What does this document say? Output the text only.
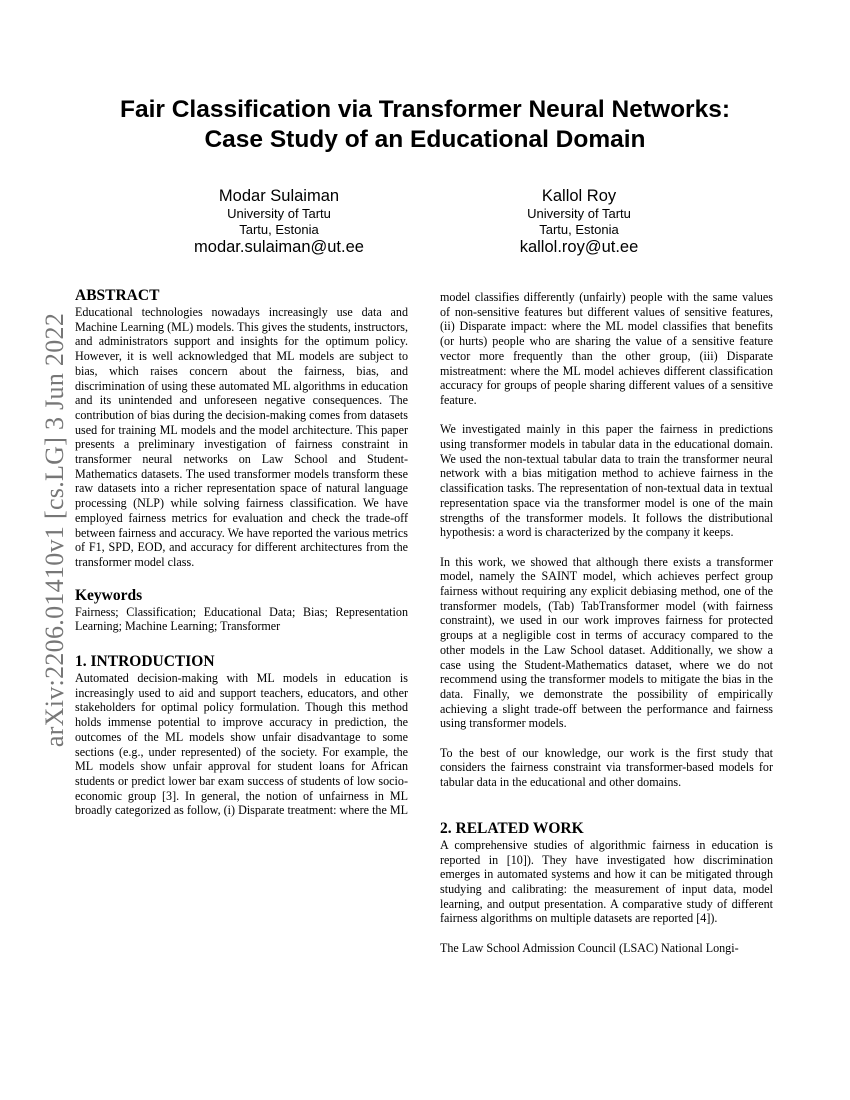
arXiv:2206.01410v1 [cs.LG] 3 Jun 2022
Fair Classification via Transformer Neural Networks:
Case Study of an Educational Domain
Modar Sulaiman
University of Tartu
Tartu, Estonia
modar.sulaiman@ut.ee
Kallol Roy
University of Tartu
Tartu, Estonia
kallol.roy@ut.ee
ABSTRACT

Educational technologies nowadays increasingly use data and Machine Learning (ML) models. This gives the students, instructors, and administrators support and insights for the optimum policy. However, it is well acknowledged that ML models are subject to bias, which raises concern about the fairness, bias, and discrimination of using these automated ML algorithms in education and its unintended and unforeseen negative consequences. The contribution of bias during the decision-making comes from datasets used for training ML models and the model architecture. This paper presents a preliminary investigation of fairness constraint in transformer neural networks on Law School and Student-Mathematics datasets. The used transformer models transform these raw datasets into a richer representation space of natural language processing (NLP) while solving fairness classification. We have employed fairness metrics for evaluation and check the trade-off between fairness and accuracy. We have reported the various metrics of F1, SPD, EOD, and accuracy for different architectures from the transformer model class.

Keywords

Fairness; Classification; Educational Data; Bias; Representation Learning; Machine Learning; Transformer

1. INTRODUCTION

Automated decision-making with ML models in education is increasingly used to aid and support teachers, educators, and other stakeholders for optimal policy formulation. Though this method holds immense potential to improve accuracy in prediction, the outcomes of the ML models show unfair disadvantage to some sections (e.g., under represented) of the society. For example, the ML models show unfair approval for student loans for African students or predict lower bar exam success of students of low socio-economic group [3]. In general, the notion of unfairness in ML broadly categorized as follow, (i) Disparate treatment: where the ML

model classifies differently (unfairly) people with the same values of non-sensitive features but different values of sensitive features, (ii) Disparate impact: where the ML model classifies that benefits (or hurts) people who are sharing the value of a sensitive feature vector more frequently than the other group, (iii) Disparate mistreatment: where the ML model achieves different classification accuracy for groups of people sharing different values of a sensitive feature.

We investigated mainly in this paper the fairness in predictions using transformer models in tabular data in the educational domain. We used the non-textual tabular data to train the transformer neural network with a bias mitigation method to achieve fairness in the classification tasks. The representation of non-textual data in textual representation space via the transformer model is one of the main strengths of the transformer models. It follows the distributional hypothesis: a word is characterized by the company it keeps.

In this work, we showed that although there exists a transformer model, namely the SAINT model, which achieves perfect group fairness without requiring any explicit debiasing method, one of the transformer models, (Tab) TabTransformer model (with fairness constraint), we used in our work improves fairness for protected groups at a negligible cost in terms of accuracy compared to the other models in the Law School dataset. Additionally, we show a case using the Student-Mathematics dataset, where we do not recommend using the transformer models to mitigate the bias in the data. Finally, we demonstrate the possibility of empirically achieving a slight trade-off between the performance and fairness using transformer models.

To the best of our knowledge, our work is the first study that considers the fairness constraint via transformer-based models for tabular data in the educational and other domains.

2. RELATED WORK

A comprehensive studies of algorithmic fairness in education is reported in [10]). They have investigated how discrimination emerges in automated systems and how it can be mitigated through studying and calibrating: the measurement of input data, model learning, and output presentation. A comparative study of different fairness algorithms on multiple datasets are reported [4]).

The Law School Admission Council (LSAC) National Longi-
